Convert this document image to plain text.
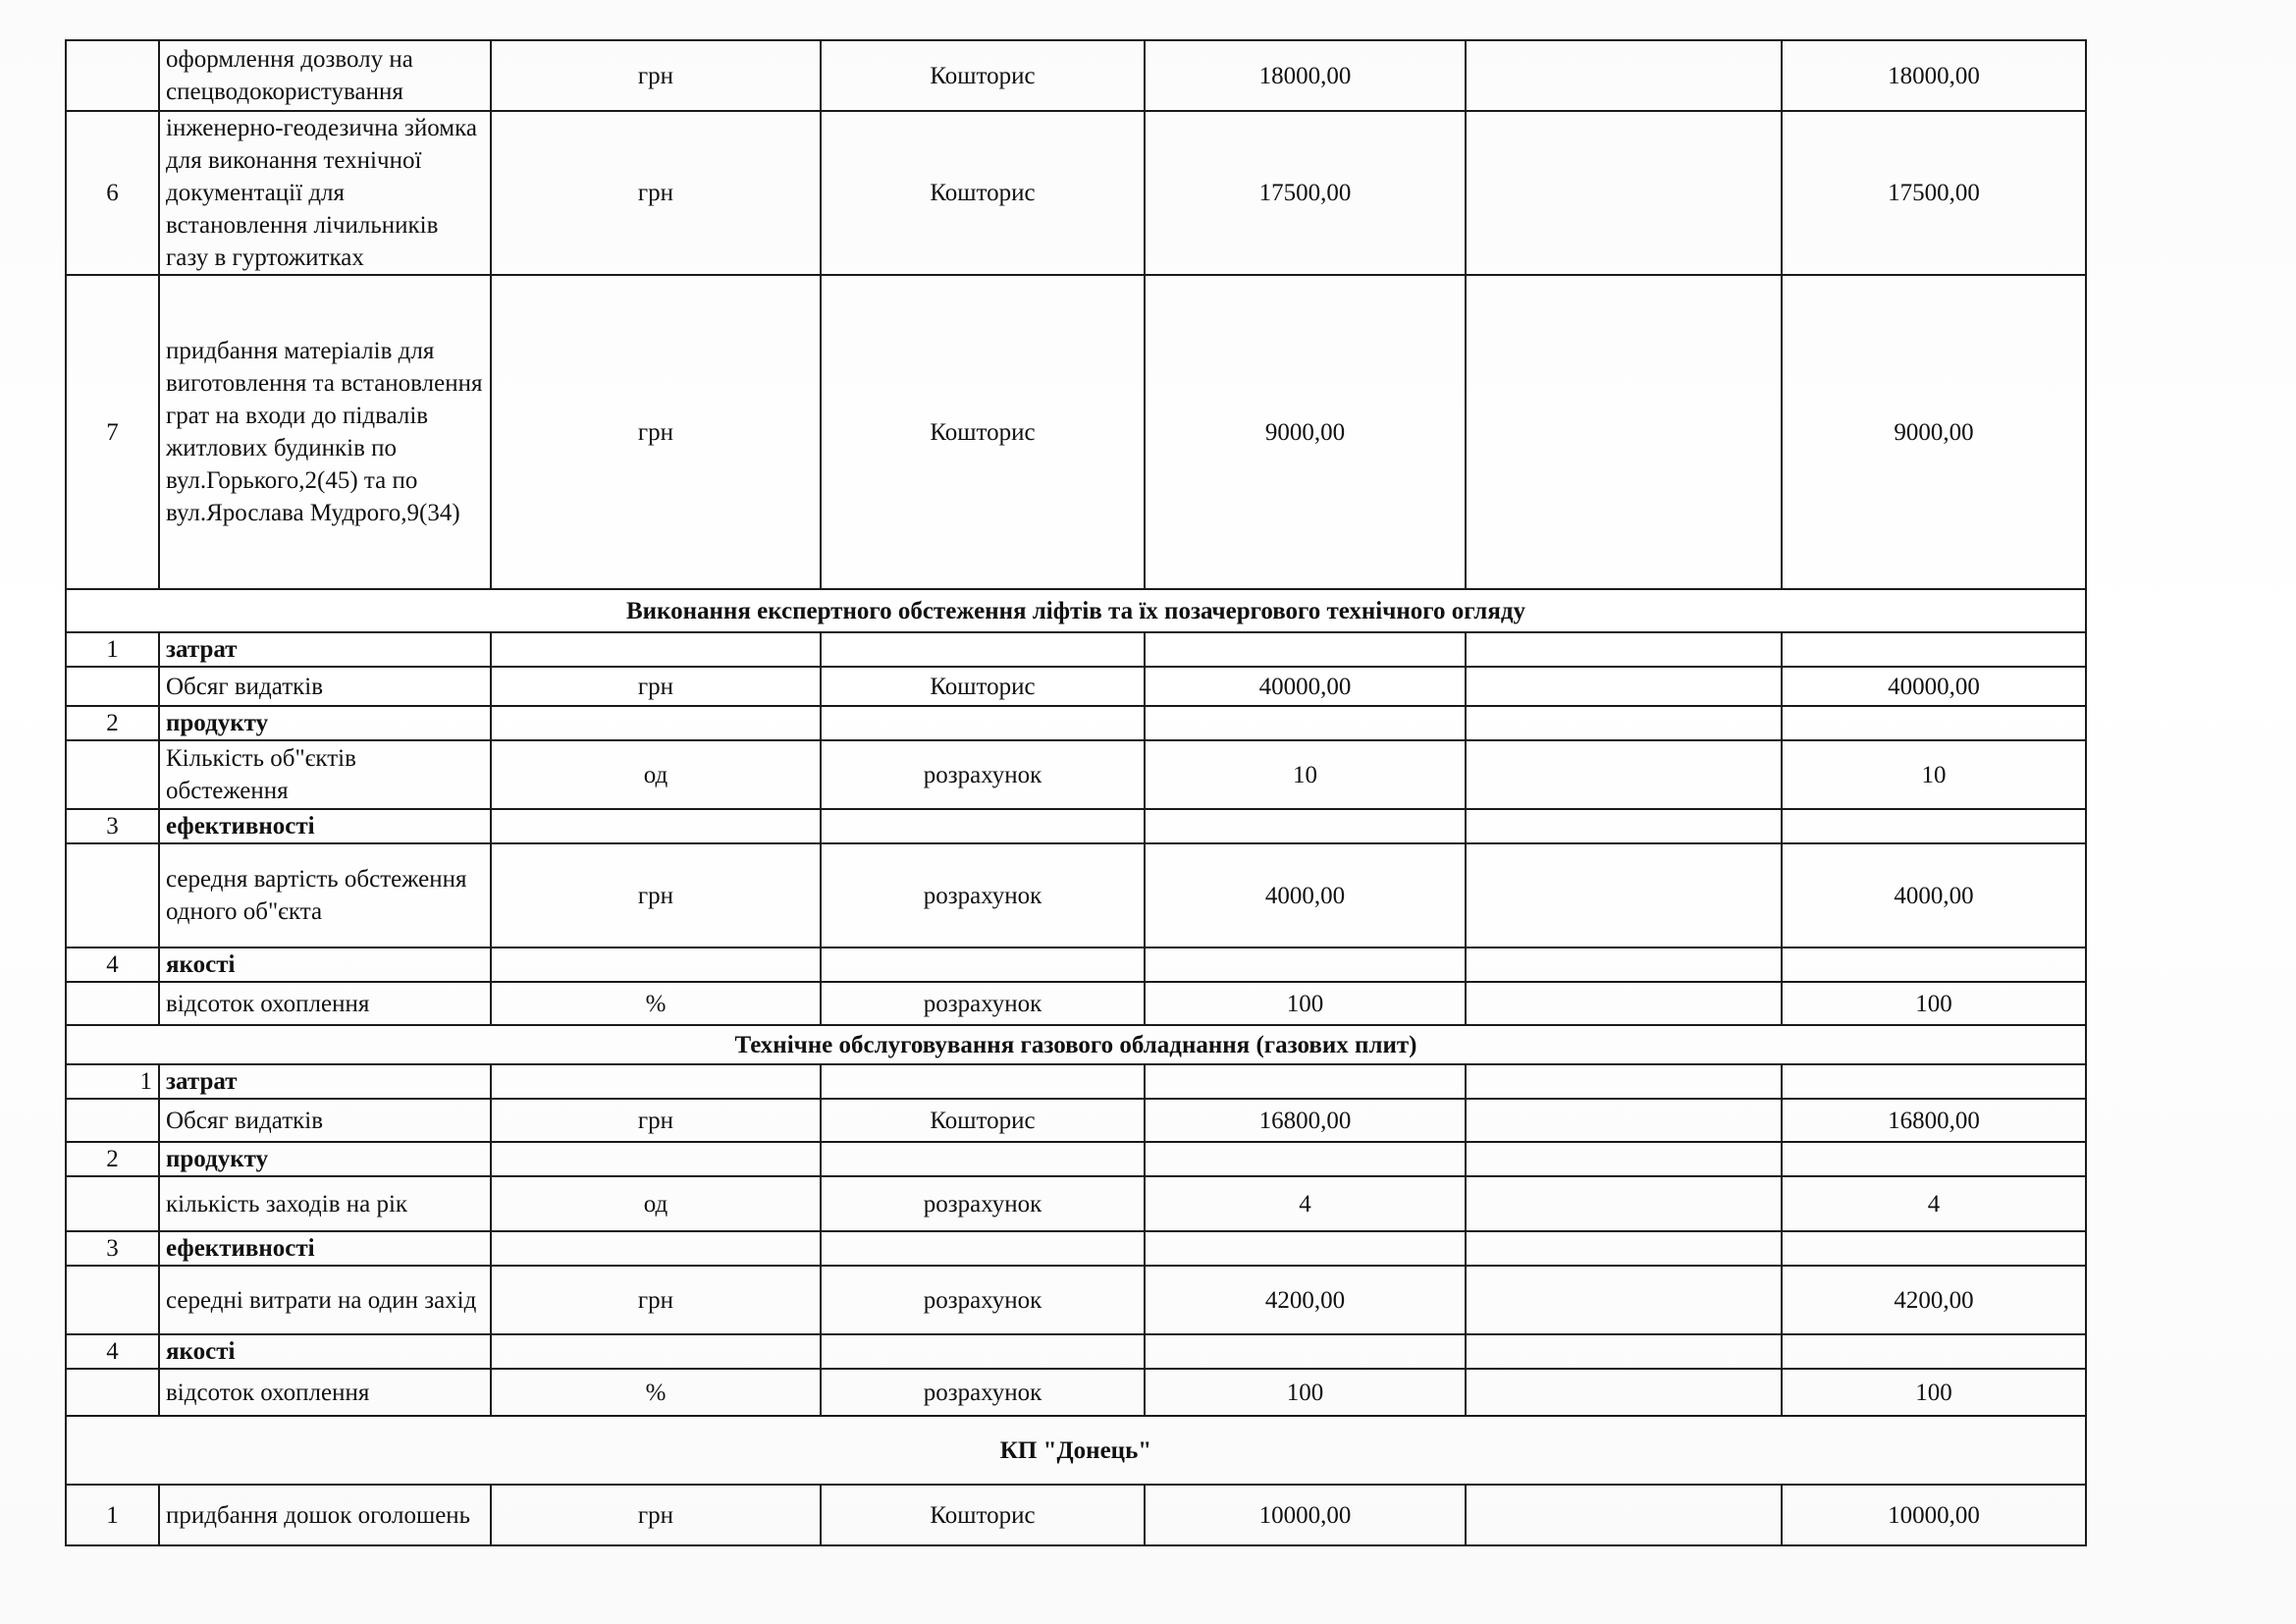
	оформлення дозволу на спецводокористування	грн	Кошторис	18000,00		18000,00
6	інженерно-геодезична зйомка для виконання технічної документації для встановлення лічильників газу в гуртожитках	грн	Кошторис	17500,00		17500,00
7	придбання матеріалів для виготовлення та встановлення грат на входи до підвалів житлових будинків по вул.Горького,2(45) та по вул.Ярослава Мудрого,9(34)	грн	Кошторис	9000,00		9000,00
Виконання експертного обстеження ліфтів та їх позачергового технічного огляду						
1	затрат					
	Обсяг видатків	грн	Кошторис	40000,00		40000,00
2	продукту					
	Кількість об"єктів обстеження	од	розрахунок	10		10
3	ефективності					
	середня вартість обстеження одного об"єкта	грн	розрахунок	4000,00		4000,00
4	якості					
	відсоток охоплення	%	розрахунок	100		100
Технічне обслуговування газового обладнання (газових плит)						
1	затрат					
	Обсяг видатків	грн	Кошторис	16800,00		16800,00
2	продукту					
	кількість заходів на рік	од	розрахунок	4		4
3	ефективності					
	середні витрати на один захід	грн	розрахунок	4200,00		4200,00
4	якості					
	відсоток охоплення	%	розрахунок	100		100
КП "Донець"						
1	придбання дошок оголошень	грн	Кошторис	10000,00		10000,00
